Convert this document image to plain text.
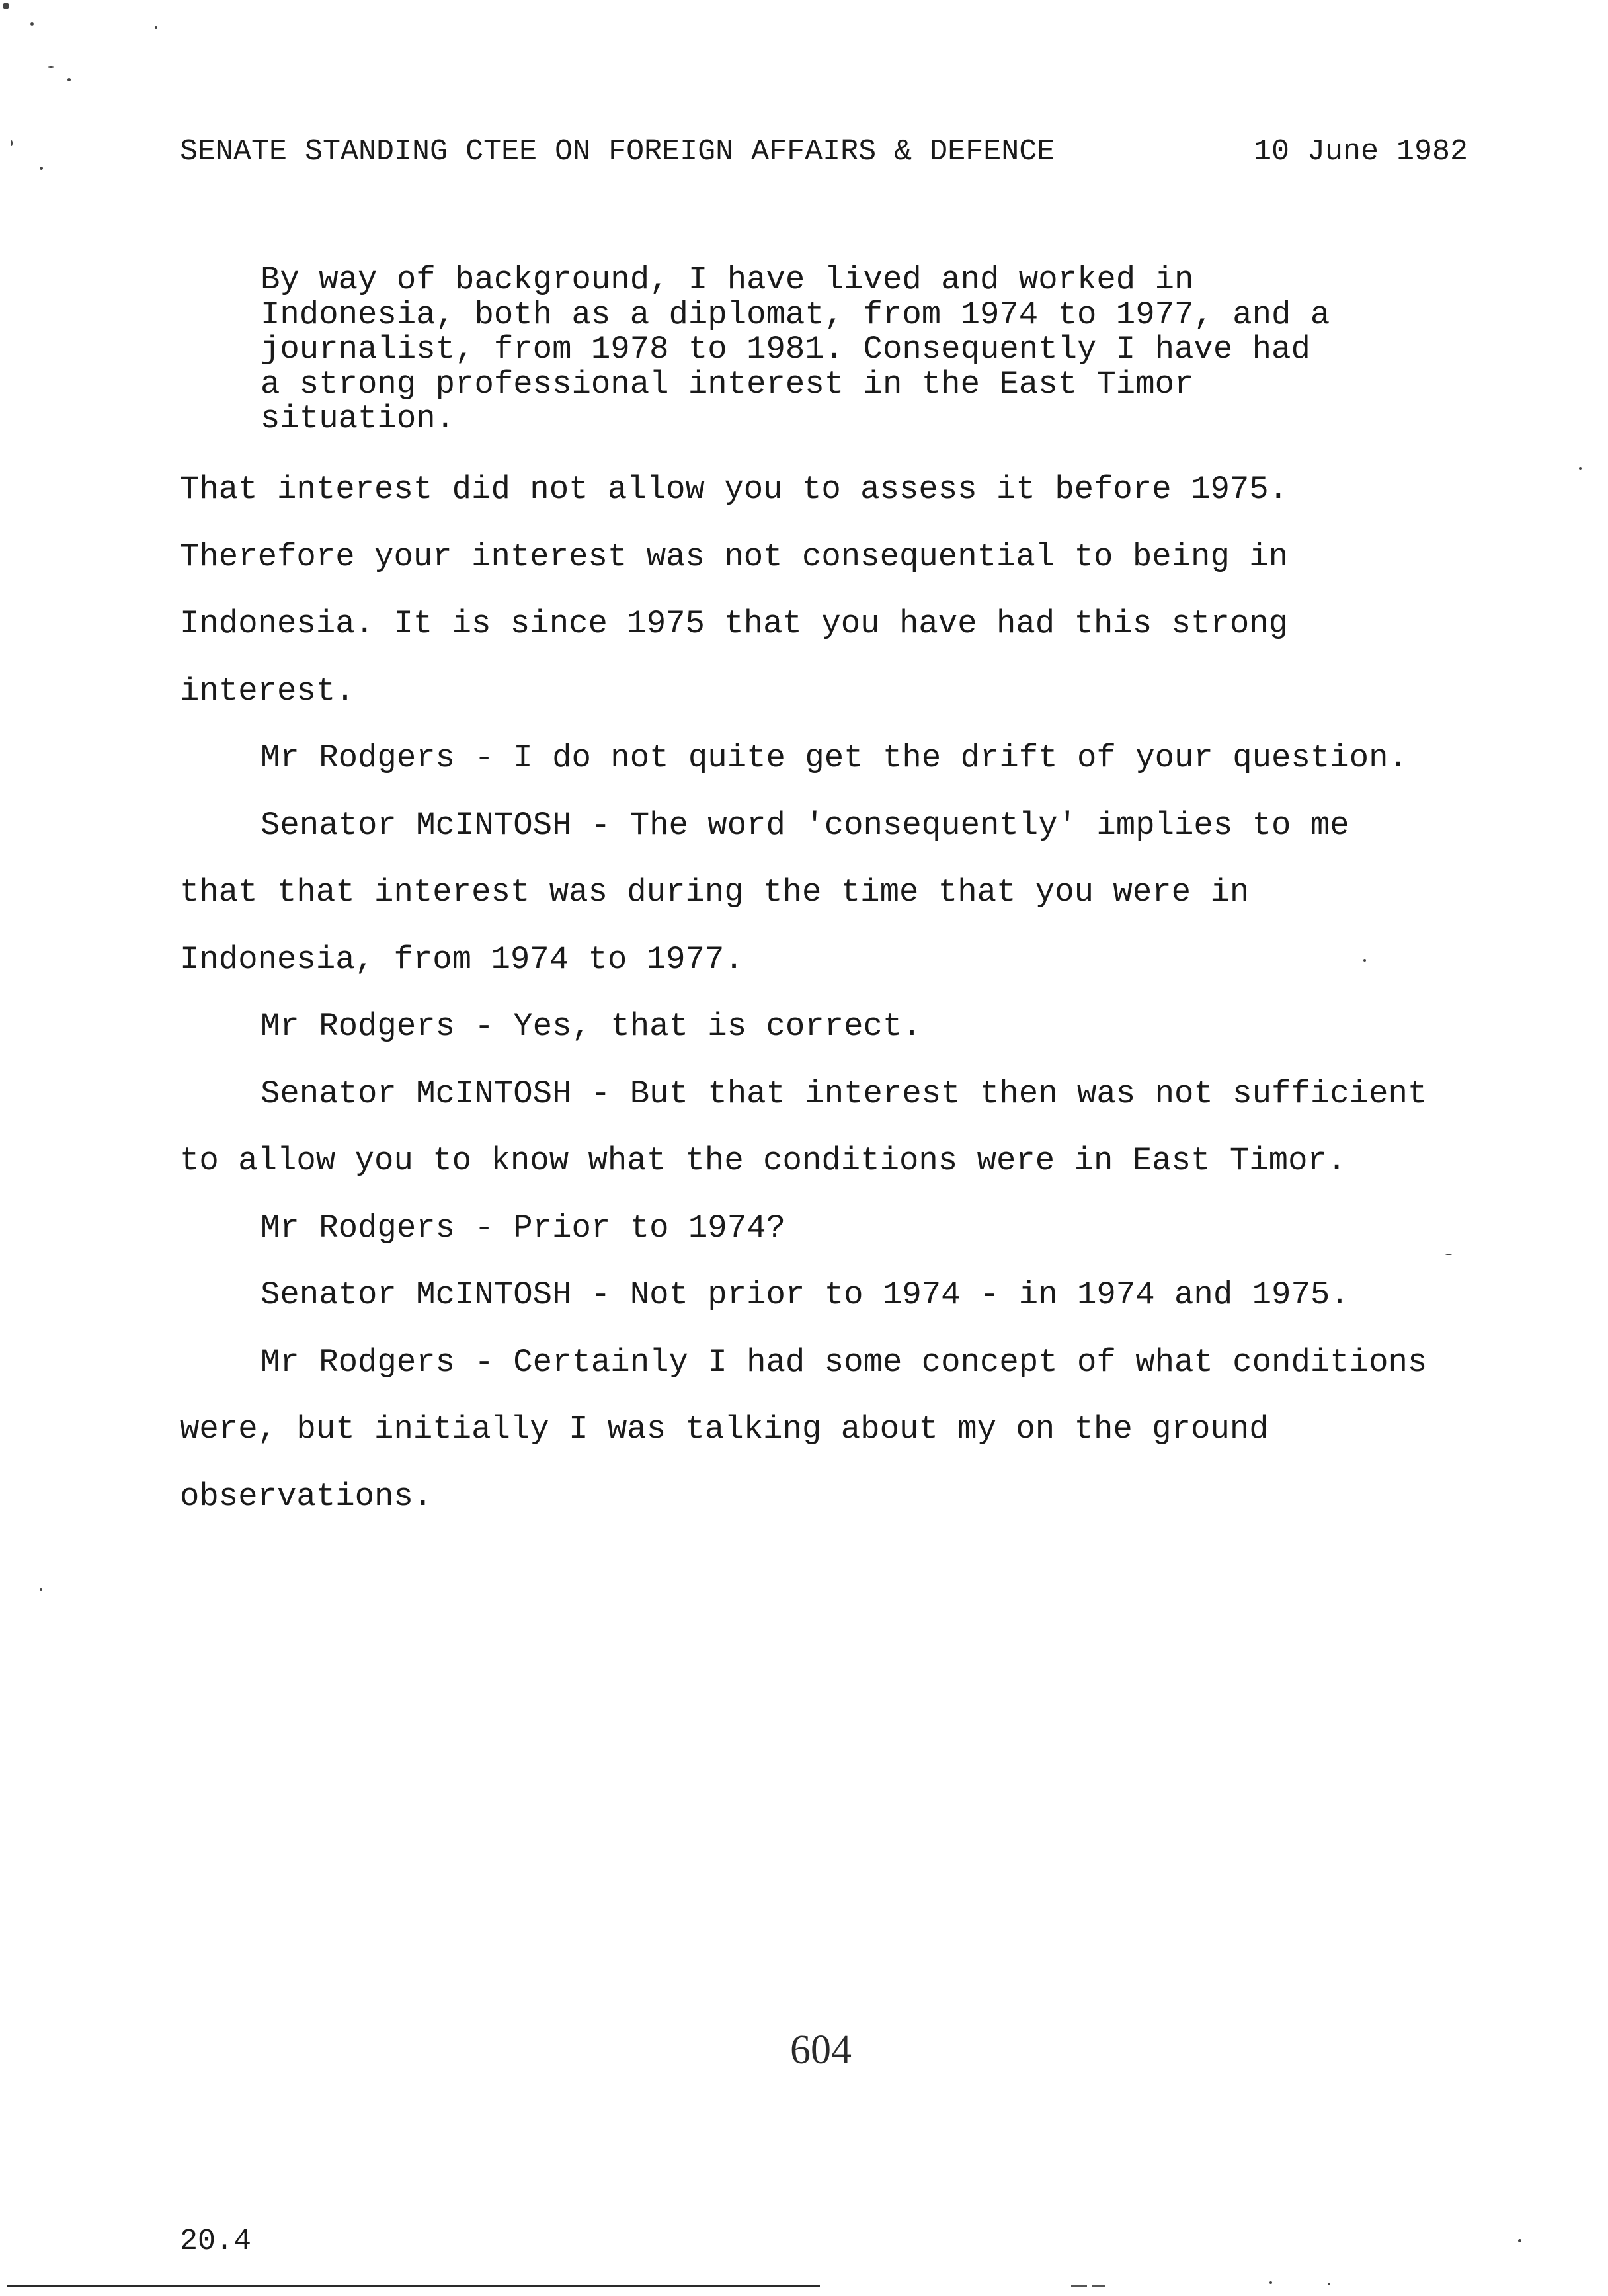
SENATE STANDING CTEE ON FOREIGN AFFAIRS & DEFENCE	10 June 1982
By way of background, I have lived and worked in
Indonesia, both as a diplomat, from 1974 to 1977, and a
journalist, from 1978 to 1981. Consequently I have had
a strong professional interest in the East Timor
situation.
That interest did not allow you to assess it before 1975.
Therefore your interest was not consequential to being in
Indonesia. It is since 1975 that you have had this strong
interest.
Mr Rodgers - I do not quite get the drift of your question.
Senator McINTOSH - The word 'consequently' implies to me
that that interest was during the time that you were in
Indonesia, from 1974 to 1977.
Mr Rodgers - Yes, that is correct.
Senator McINTOSH - But that interest then was not sufficient
to allow you to know what the conditions were in East Timor.
Mr Rodgers - Prior to 1974?
Senator McINTOSH - Not prior to 1974 - in 1974 and 1975.
Mr Rodgers - Certainly I had some concept of what conditions
were, but initially I was talking about my on the ground
observations.
604
20.4
